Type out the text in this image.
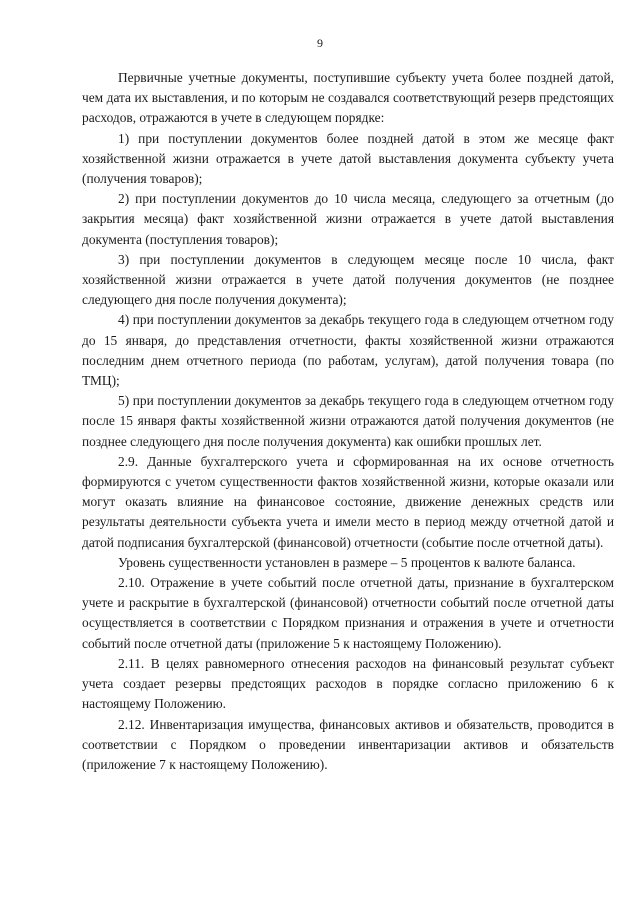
9

Первичные учетные документы, поступившие субъекту учета более поздней датой, чем дата их выставления, и по которым не создавался соответствующий резерв предстоящих расходов, отражаются в учете в следующем порядке:

1) при поступлении документов более поздней датой в этом же месяце факт хозяйственной жизни отражается в учете датой выставления документа субъекту учета (получения товаров);

2) при поступлении документов до 10 числа месяца, следующего за отчетным (до закрытия месяца) факт хозяйственной жизни отражается в учете датой выставления документа (поступления товаров);

3) при поступлении документов в следующем месяце после 10 числа, факт хозяйственной жизни отражается в учете датой получения документов (не позднее следующего дня после получения документа);

4) при поступлении документов за декабрь текущего года в следующем отчетном году до 15 января, до представления отчетности, факты хозяйственной жизни отражаются последним днем отчетного периода (по работам, услугам), датой получения товара (по ТМЦ);

5) при поступлении документов за декабрь текущего года в следующем отчетном году после 15 января факты хозяйственной жизни отражаются датой получения документов (не позднее следующего дня после получения документа) как ошибки прошлых лет.

2.9. Данные бухгалтерского учета и сформированная на их основе отчетность формируются с учетом существенности фактов хозяйственной жизни, которые оказали или могут оказать влияние на финансовое состояние, движение денежных средств или результаты деятельности субъекта учета и имели место в период между отчетной датой и датой подписания бухгалтерской (финансовой) отчетности (событие после отчетной даты).

Уровень существенности установлен в размере – 5 процентов к валюте баланса.

2.10. Отражение в учете событий после отчетной даты, признание в бухгалтерском учете и раскрытие в бухгалтерской (финансовой) отчетности событий после отчетной даты осуществляется в соответствии с Порядком признания и отражения в учете и отчетности событий после отчетной даты (приложение 5 к настоящему Положению).

2.11. В целях равномерного отнесения расходов на финансовый результат субъект учета создает резервы предстоящих расходов в порядке согласно приложению 6 к настоящему Положению.

2.12. Инвентаризация имущества, финансовых активов и обязательств, проводится в соответствии с Порядком о проведении инвентаризации активов и обязательств (приложение 7 к настоящему Положению).
